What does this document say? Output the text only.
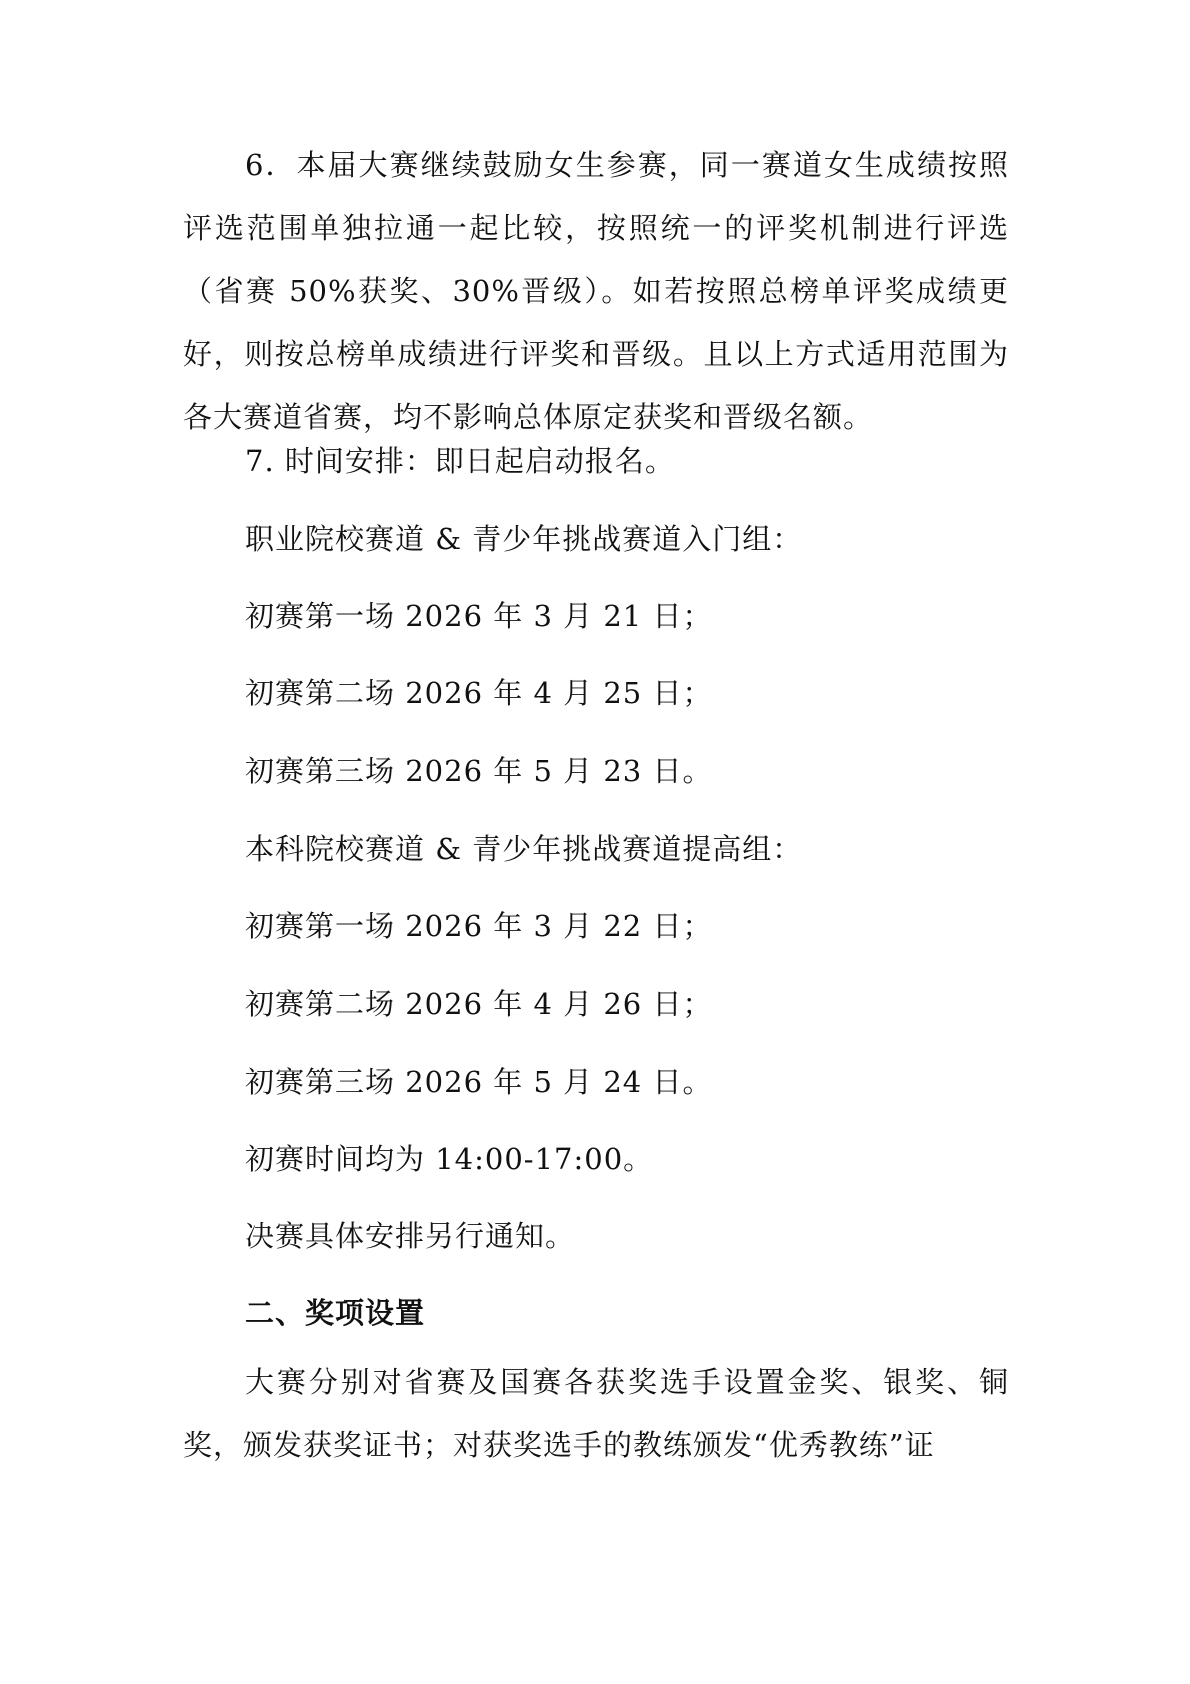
6．本届大赛继续鼓励女生参赛，同一赛道女生成绩按照评选范围单独拉通一起比较，按照统一的评奖机制进行评选（省赛 50%获奖、30%晋级）。如若按照总榜单评奖成绩更好，则按总榜单成绩进行评奖和晋级。且以上方式适用范围为各大赛道省赛，均不影响总体原定获奖和晋级名额。

7. 时间安排：即日起启动报名。

职业院校赛道 & 青少年挑战赛道入门组：

初赛第一场 2026 年 3 月 21 日；

初赛第二场 2026 年 4 月 25 日；

初赛第三场 2026 年 5 月 23 日。

本科院校赛道 & 青少年挑战赛道提高组：

初赛第一场 2026 年 3 月 22 日；

初赛第二场 2026 年 4 月 26 日；

初赛第三场 2026 年 5 月 24 日。

初赛时间均为 14:00-17:00。

决赛具体安排另行通知。

二、奖项设置

大赛分别对省赛及国赛各获奖选手设置金奖、银奖、铜奖，颁发获奖证书；对获奖选手的教练颁发“优秀教练”证
